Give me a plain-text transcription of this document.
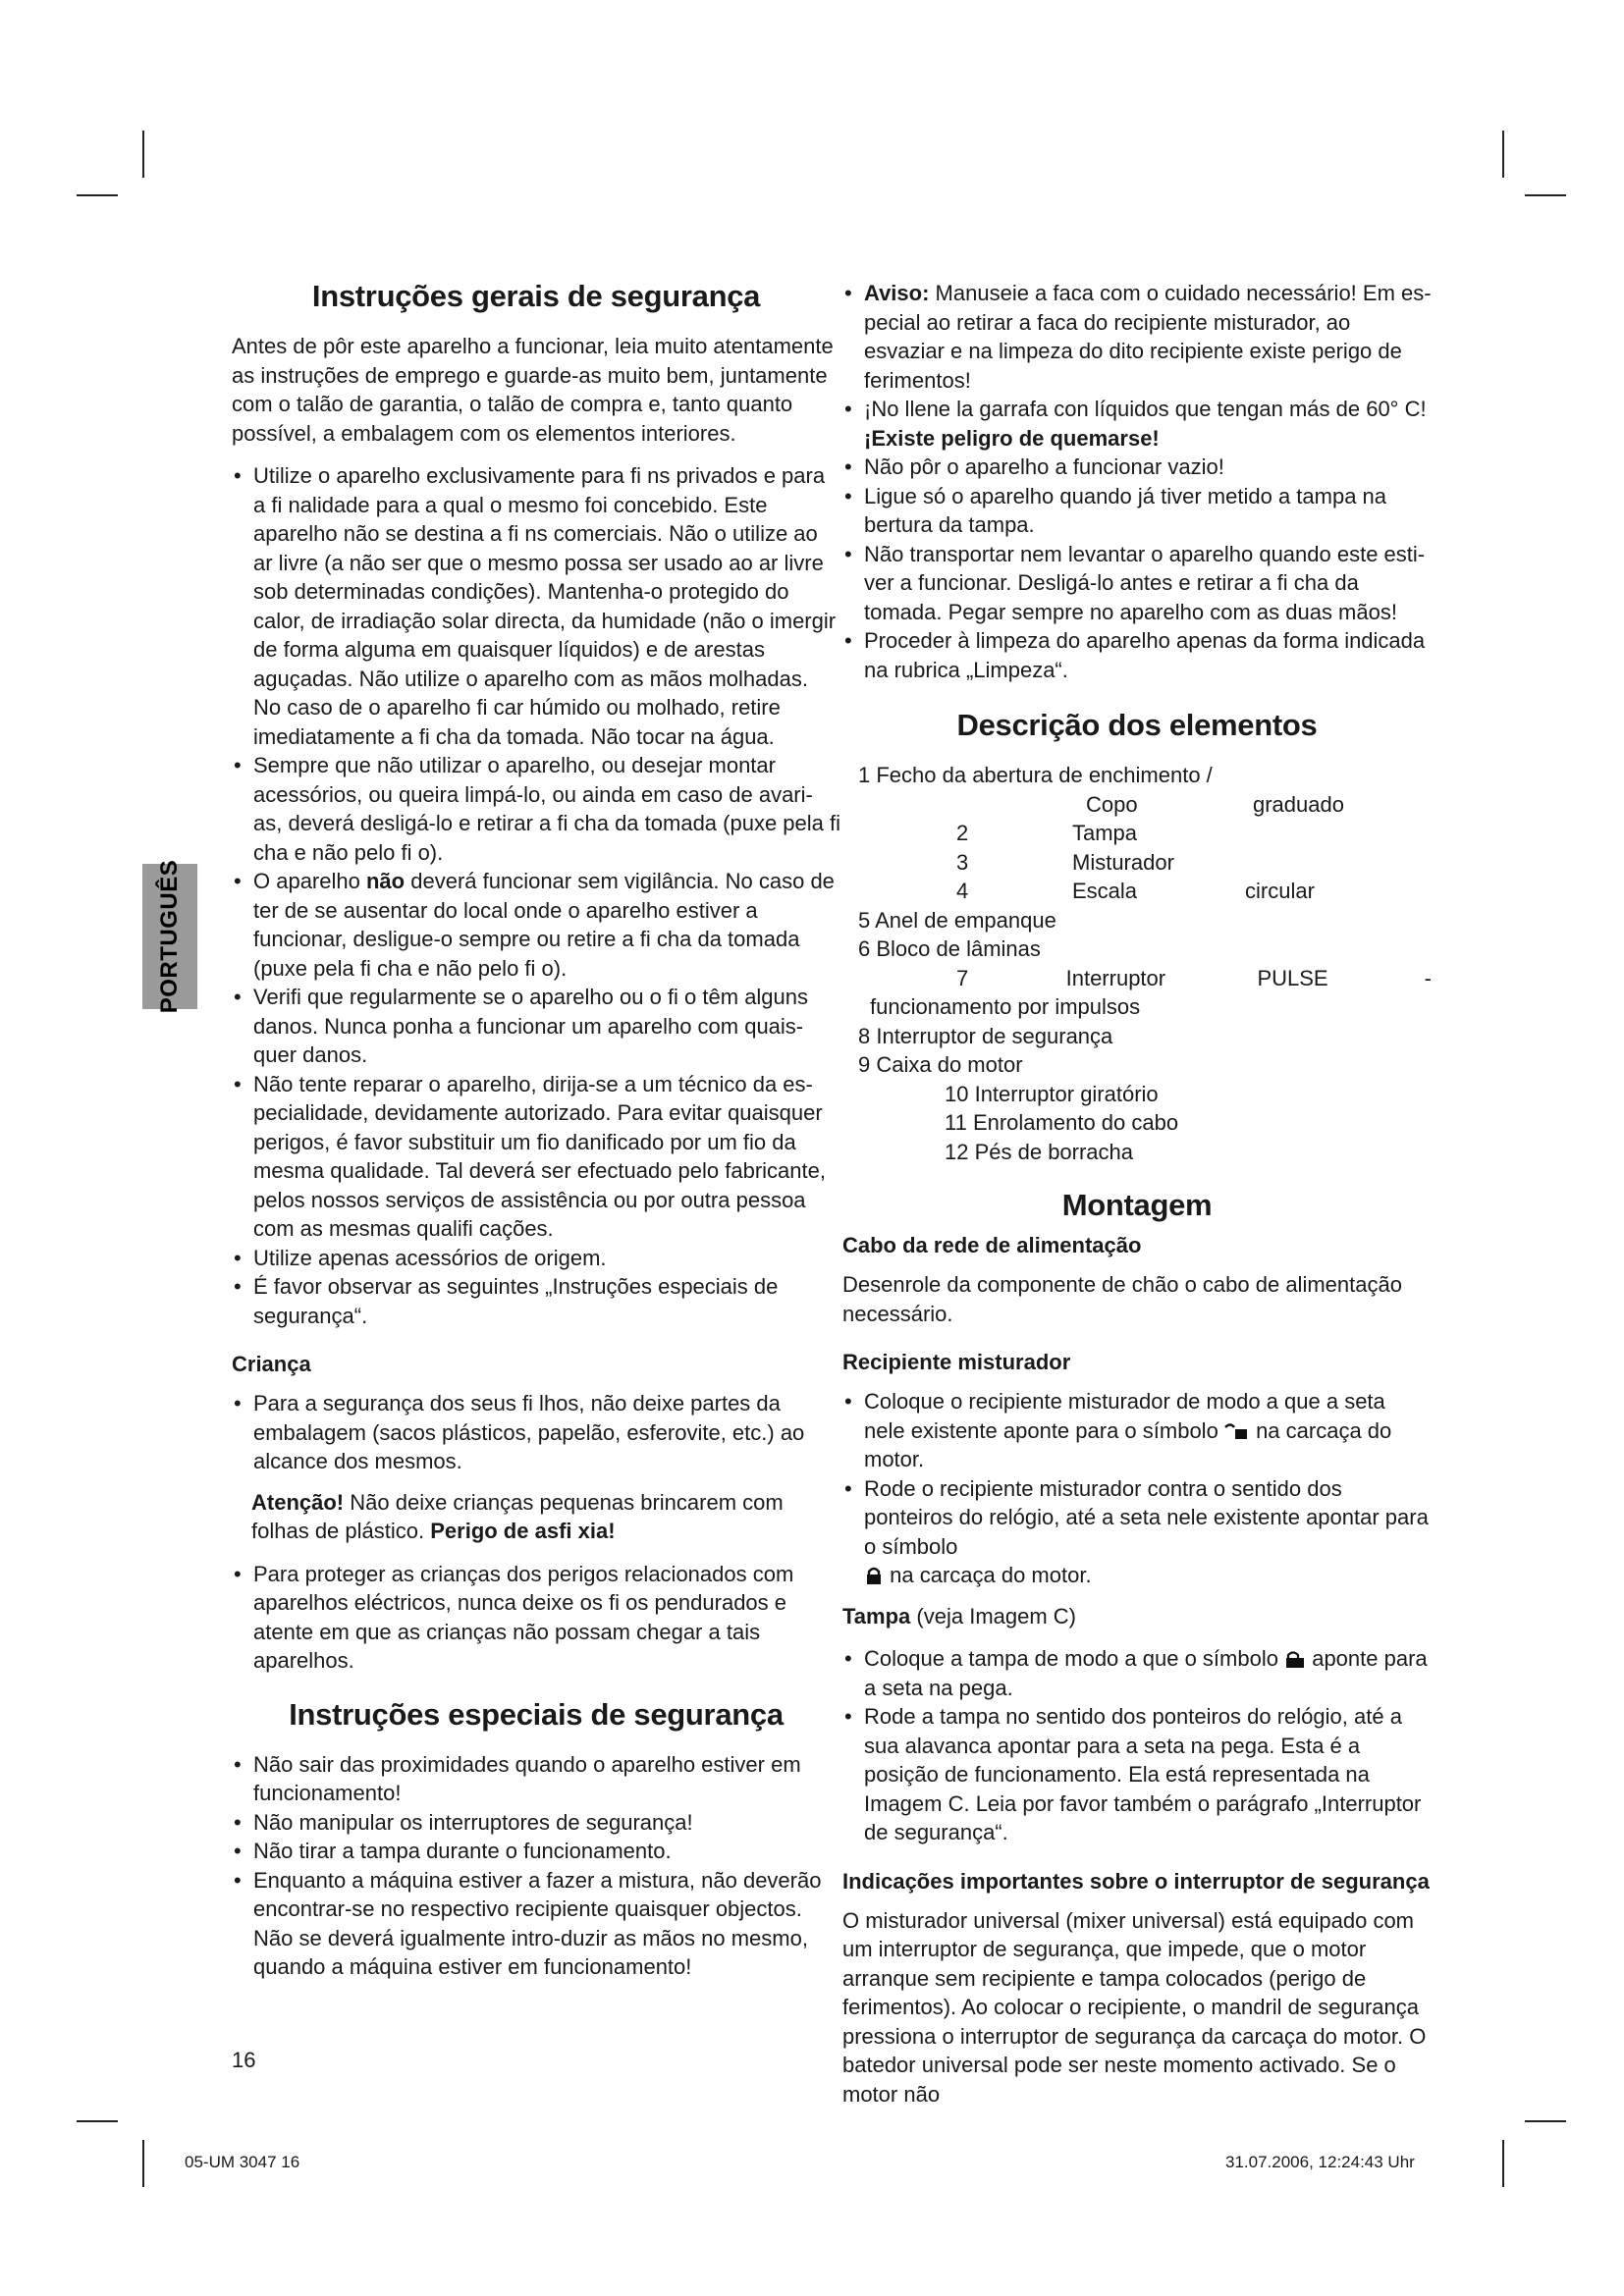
PORTUGUÊS
Instruções gerais de segurança

Antes de pôr este aparelho a funcionar, leia muito atentamente as instruções de emprego e guarde-as muito bem, juntamente com o talão de garantia, o talão de compra e, tanto quanto possível, a embalagem com os elementos interiores.

• Utilize o aparelho exclusivamente para fi ns privados e para a fi nalidade para a qual o mesmo foi concebido. Este aparelho não se destina a fi ns comerciais. Não o utilize ao ar livre (a não ser que o mesmo possa ser usado ao ar livre sob determinadas condições). Mantenha-o protegido do calor, de irradiação solar directa, da humidade (não o imergir de forma alguma em quaisquer líquidos) e de arestas aguçadas. Não utilize o aparelho com as mãos molhadas. No caso de o aparelho fi car húmido ou molhado, retire imediatamente a fi cha da tomada. Não tocar na água.
• Sempre que não utilizar o aparelho, ou desejar montar acessórios, ou queira limpá-lo, ou ainda em caso de avari-as, deverá desligá-lo e retirar a fi cha da tomada (puxe pela fi cha e não pelo fi o).
• O aparelho não deverá funcionar sem vigilância. No caso de ter de se ausentar do local onde o aparelho estiver a funcionar, desligue-o sempre ou retire a fi cha da tomada (puxe pela fi cha e não pelo fi o).
• Verifi que regularmente se o aparelho ou o fi o têm alguns danos. Nunca ponha a funcionar um aparelho com quais-quer danos.
• Não tente reparar o aparelho, dirija-se a um técnico da es-pecialidade, devidamente autorizado. Para evitar quaisquer perigos, é favor substituir um fio danificado por um fio da mesma qualidade. Tal deverá ser efectuado pelo fabricante, pelos nossos serviços de assistência ou por outra pessoa com as mesmas qualifi cações.
• Utilize apenas acessórios de origem.
• É favor observar as seguintes „Instruções especiais de segurança“.
Criança
• Para a segurança dos seus fi lhos, não deixe partes da embalagem (sacos plásticos, papelão, esferovite, etc.) ao alcance dos mesmos.

Atenção! Não deixe crianças pequenas brincarem com folhas de plástico. Perigo de asfi xia!

• Para proteger as crianças dos perigos relacionados com aparelhos eléctricos, nunca deixe os fi os pendurados e atente em que as crianças não possam chegar a tais aparelhos.
Instruções especiais de segurança
• Não sair das proximidades quando o aparelho estiver em funcionamento!
• Não manipular os interruptores de segurança!
• Não tirar a tampa durante o funcionamento.
• Enquanto a máquina estiver a fazer a mistura, não deverão encontrar-se no respectivo recipiente quaisquer objectos. Não se deverá igualmente intro-duzir as mãos no mesmo, quando a máquina estiver em funcionamento!
• Aviso: Manuseie a faca com o cuidado necessário! Em es-pecial ao retirar a faca do recipiente misturador, ao esvaziar e na limpeza do dito recipiente existe perigo de ferimentos!
• ¡No llene la garrafa con líquidos que tengan más de 60° C!
¡Existe peligro de quemarse!
• Não pôr o aparelho a funcionar vazio!
• Ligue só o aparelho quando já tiver metido a tampa na bertura da tampa.
• Não transportar nem levantar o aparelho quando este esti-ver a funcionar. Desligá-lo antes e retirar a fi cha da tomada. Pegar sempre no aparelho com as duas mãos!
• Proceder à limpeza do aparelho apenas da forma indicada na rubrica „Limpeza“.
Descrição dos elementos
1 Fecho da abertura de enchimento /
Copo	graduado
2	Tampa
3	Misturador
4	Escala	circular
5 Anel de empanque
6 Bloco de lâminas
7	Interruptor	PULSE	-
funcionamento por impulsos
8 Interruptor de segurança
9 Caixa do motor
10 Interruptor giratório
11 Enrolamento do cabo
12 Pés de borracha
Montagem
Cabo da rede de alimentação

Desenrole da componente de chão o cabo de alimentação necessário.

Recipiente misturador
• Coloque o recipiente misturador de modo a que a seta nele existente aponte para o símbolo na carcaça do motor.
• Rode o recipiente misturador contra o sentido dos ponteiros do relógio, até a seta nele existente apontar para o símbolo
na carcaça do motor.

Tampa (veja Imagem C)

• Coloque a tampa de modo a que o símbolo aponte para a seta na pega.
• Rode a tampa no sentido dos ponteiros do relógio, até a sua alavanca apontar para a seta na pega. Esta é a posição de funcionamento. Ela está representada na Imagem C. Leia por favor também o parágrafo „Interruptor de segurança“.
Indicações importantes sobre o interruptor de segurança

O misturador universal (mixer universal) está equipado com um interruptor de segurança, que impede, que o motor arranque sem recipiente e tampa colocados (perigo de ferimentos). Ao colocar o recipiente, o mandril de segurança pressiona o interruptor de segurança da carcaça do motor. O batedor universal pode ser neste momento activado. Se o motor não

16
05-UM 3047 16	31.07.2006, 12:24:43 Uhr
